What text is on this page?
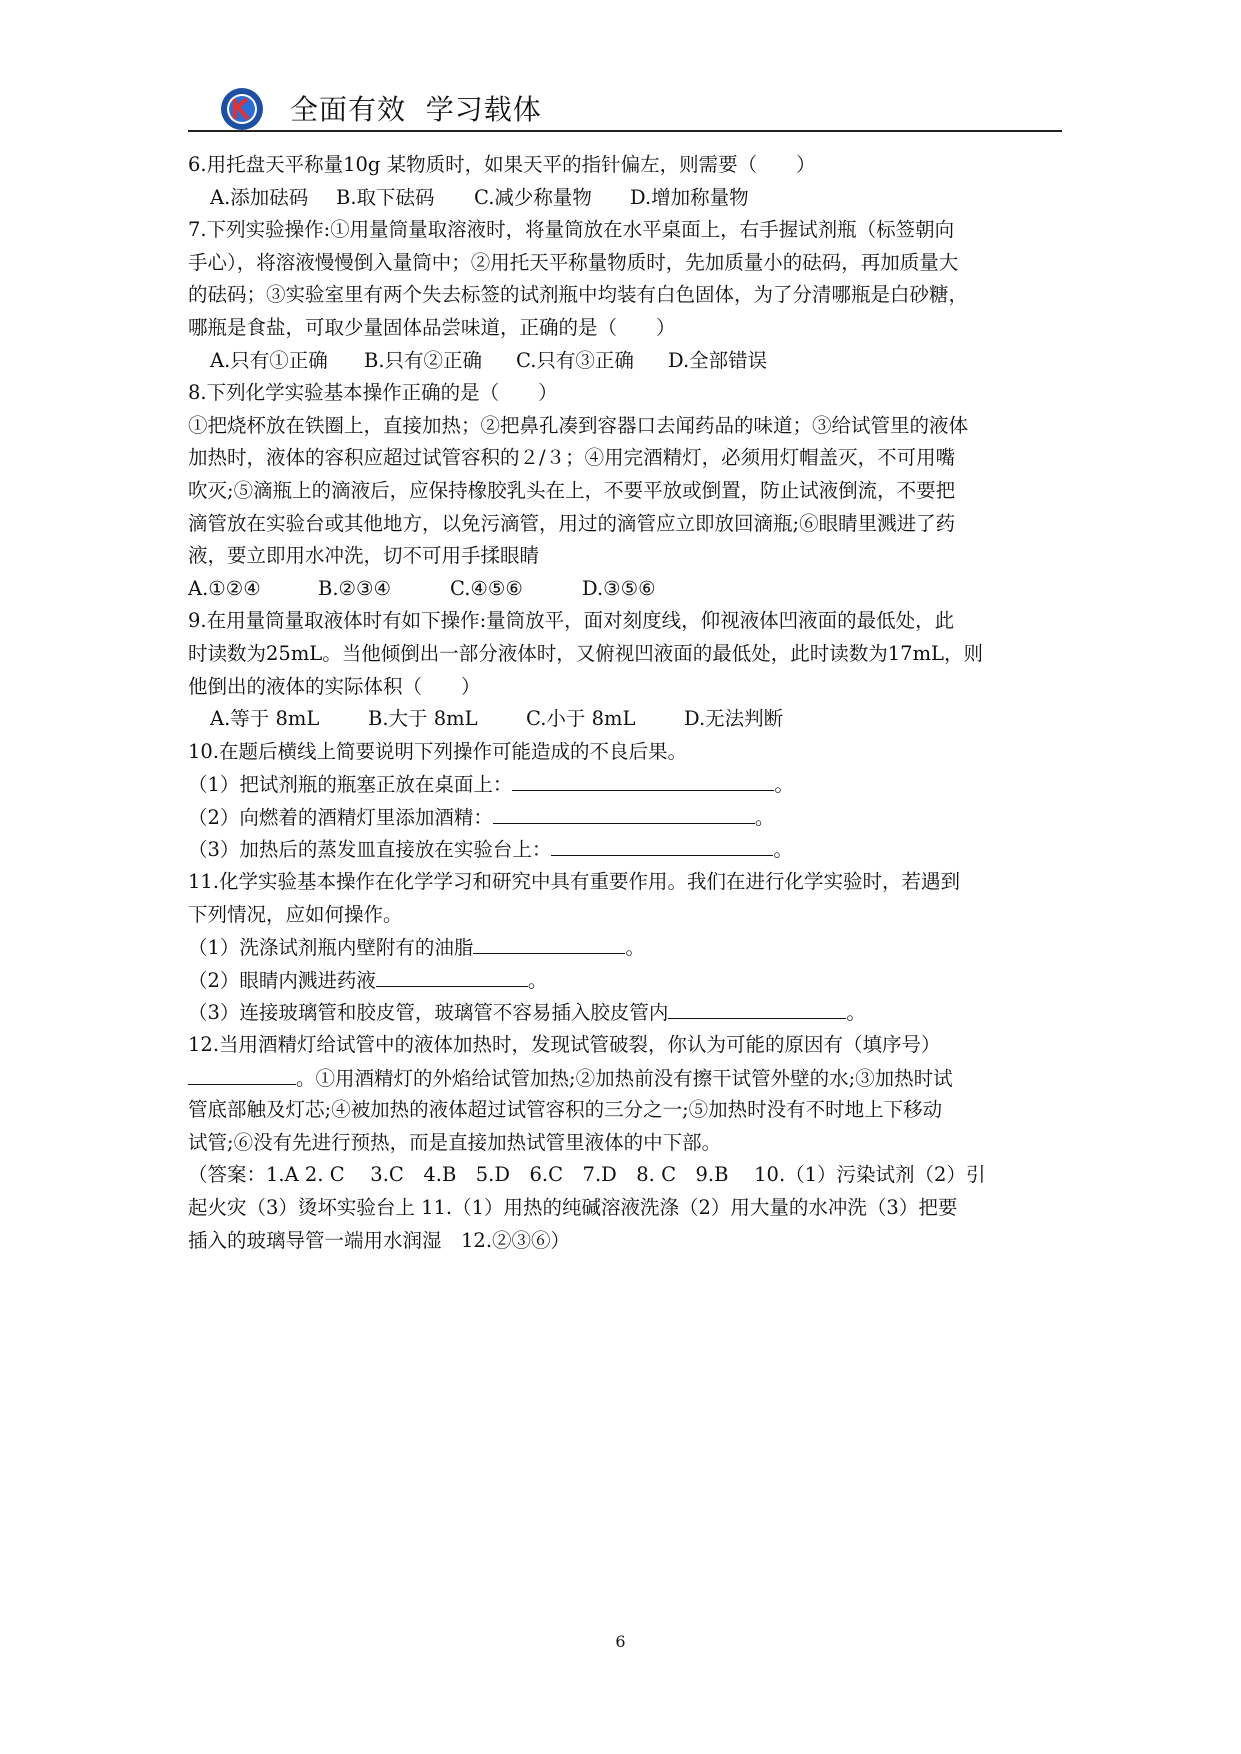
全面有效  学习载体
6.用托盘天平称量10g 某物质时，如果天平的指针偏左，则需要（　　）
A.添加砝码 B.取下砝码 C.减少称量物 D.增加称量物
7.下列实验操作:①用量筒量取溶液时，将量筒放在水平桌面上，右手握试剂瓶（标签朝向
手心），将溶液慢慢倒入量筒中；②用托天平称量物质时，先加质量小的砝码，再加质量大
的砝码；③实验室里有两个失去标签的试剂瓶中均装有白色固体，为了分清哪瓶是白砂糖，
哪瓶是食盐，可取少量固体品尝味道，正确的是（　　）
A.只有①正确 B.只有②正确 C.只有③正确 D.全部错误
8.下列化学实验基本操作正确的是（　　）
①把烧杯放在铁圈上，直接加热；②把鼻孔凑到容器口去闻药品的味道；③给试管里的液体
加热时，液体的容积应超过试管容积的２/３；④用完酒精灯，必须用灯帽盖灭，不可用嘴
吹灭;⑤滴瓶上的滴液后，应保持橡胶乳头在上，不要平放或倒置，防止试液倒流，不要把
滴管放在实验台或其他地方，以免污滴管，用过的滴管应立即放回滴瓶;⑥眼睛里溅进了药
液，要立即用水冲洗，切不可用手揉眼睛
A.①②④	B.②③④	C.④⑤⑥	D.③⑤⑥
9.在用量筒量取液体时有如下操作:量筒放平，面对刻度线，仰视液体凹液面的最低处，此
时读数为25mL。当他倾倒出一部分液体时，又俯视凹液面的最低处，此时读数为17mL，则
他倒出的液体的实际体积（　　）
A.等于 8mL B.大于 8mL C.小于 8mL D.无法判断
10.在题后横线上简要说明下列操作可能造成的不良后果。
（1）把试剂瓶的瓶塞正放在桌面上：	。
（2）向燃着的酒精灯里添加酒精：	。
（3）加热后的蒸发皿直接放在实验台上：	。
11.化学实验基本操作在化学学习和研究中具有重要作用。我们在进行化学实验时，若遇到
下列情况，应如何操作。
（1）洗涤试剂瓶内壁附有的油脂	。
（2）眼睛内溅进药液	。
（3）连接玻璃管和胶皮管，玻璃管不容易插入胶皮管内	。
12.当用酒精灯给试管中的液体加热时，发现试管破裂，你认为可能的原因有（填序号）
。①用酒精灯的外焰给试管加热;②加热前没有擦干试管外壁的水;③加热时试
管底部触及灯芯;④被加热的液体超过试管容积的三分之一;⑤加热时没有不时地上下移动
试管;⑥没有先进行预热，而是直接加热试管里液体的中下部。
（答案：1.A 2. C　 3.C　4.B　5.D　6.C　7.D　8. C　9.B　 10.（1）污染试剂（2）引
起火灾（3）烫坏实验台上 11.（1）用热的纯碱溶液洗涤（2）用大量的水冲洗（3）把要
插入的玻璃导管一端用水润湿　12.②③⑥）
6
